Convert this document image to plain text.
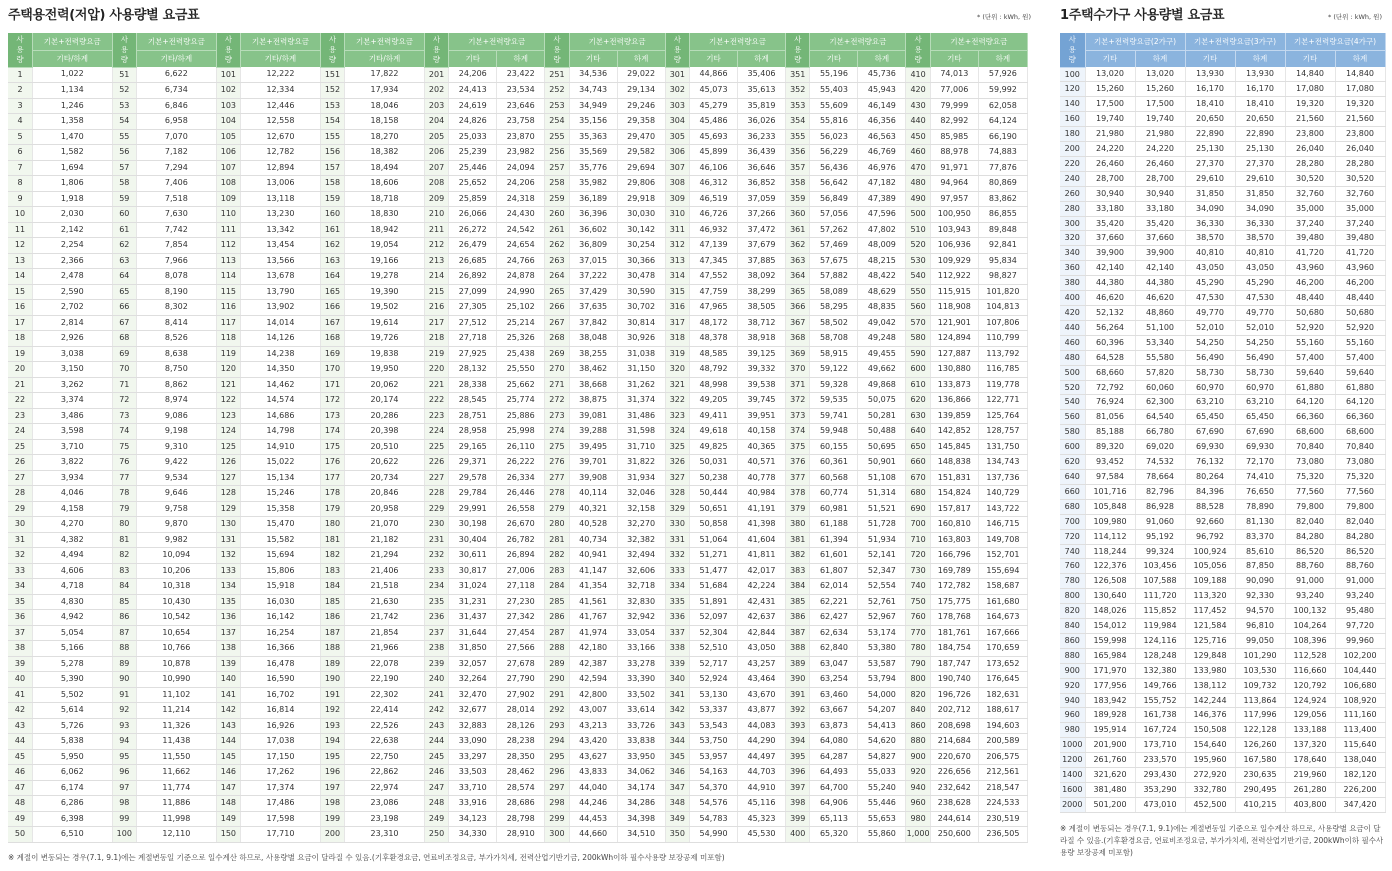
주택용전력(저압) 사용량별 요금표	* (단위 : kWh, 원)
사
용
량	기본+전력량요금	사
용
량	기본+전력량요금	사
용
량	기본+전력량요금	사
용
량	기본+전력량요금	사
용
량	기본+전력량요금		사
용
량	기본+전력량요금		사
용
량	기본+전력량요금		사
용
량	기본+전력량요금		사
용
량	기본+전력량요금	
	기타/하계		기타/하계		기타/하계		기타/하계		기타	하계		기타	하계		기타	하계		기타	하계		기타	하계
1	1,022	51	6,622	101	12,222	151	17,822	201	24,206	23,422	251	34,536	29,022	301	44,866	35,406	351	55,196	45,736	410	74,013	57,926
2	1,134	52	6,734	102	12,334	152	17,934	202	24,413	23,534	252	34,743	29,134	302	45,073	35,613	352	55,403	45,943	420	77,006	59,992
3	1,246	53	6,846	103	12,446	153	18,046	203	24,619	23,646	253	34,949	29,246	303	45,279	35,819	353	55,609	46,149	430	79,999	62,058
4	1,358	54	6,958	104	12,558	154	18,158	204	24,826	23,758	254	35,156	29,358	304	45,486	36,026	354	55,816	46,356	440	82,992	64,124
5	1,470	55	7,070	105	12,670	155	18,270	205	25,033	23,870	255	35,363	29,470	305	45,693	36,233	355	56,023	46,563	450	85,985	66,190
6	1,582	56	7,182	106	12,782	156	18,382	206	25,239	23,982	256	35,569	29,582	306	45,899	36,439	356	56,229	46,769	460	88,978	74,883
7	1,694	57	7,294	107	12,894	157	18,494	207	25,446	24,094	257	35,776	29,694	307	46,106	36,646	357	56,436	46,976	470	91,971	77,876
8	1,806	58	7,406	108	13,006	158	18,606	208	25,652	24,206	258	35,982	29,806	308	46,312	36,852	358	56,642	47,182	480	94,964	80,869
9	1,918	59	7,518	109	13,118	159	18,718	209	25,859	24,318	259	36,189	29,918	309	46,519	37,059	359	56,849	47,389	490	97,957	83,862
10	2,030	60	7,630	110	13,230	160	18,830	210	26,066	24,430	260	36,396	30,030	310	46,726	37,266	360	57,056	47,596	500	100,950	86,855
11	2,142	61	7,742	111	13,342	161	18,942	211	26,272	24,542	261	36,602	30,142	311	46,932	37,472	361	57,262	47,802	510	103,943	89,848
12	2,254	62	7,854	112	13,454	162	19,054	212	26,479	24,654	262	36,809	30,254	312	47,139	37,679	362	57,469	48,009	520	106,936	92,841
13	2,366	63	7,966	113	13,566	163	19,166	213	26,685	24,766	263	37,015	30,366	313	47,345	37,885	363	57,675	48,215	530	109,929	95,834
14	2,478	64	8,078	114	13,678	164	19,278	214	26,892	24,878	264	37,222	30,478	314	47,552	38,092	364	57,882	48,422	540	112,922	98,827
15	2,590	65	8,190	115	13,790	165	19,390	215	27,099	24,990	265	37,429	30,590	315	47,759	38,299	365	58,089	48,629	550	115,915	101,820
16	2,702	66	8,302	116	13,902	166	19,502	216	27,305	25,102	266	37,635	30,702	316	47,965	38,505	366	58,295	48,835	560	118,908	104,813
17	2,814	67	8,414	117	14,014	167	19,614	217	27,512	25,214	267	37,842	30,814	317	48,172	38,712	367	58,502	49,042	570	121,901	107,806
18	2,926	68	8,526	118	14,126	168	19,726	218	27,718	25,326	268	38,048	30,926	318	48,378	38,918	368	58,708	49,248	580	124,894	110,799
19	3,038	69	8,638	119	14,238	169	19,838	219	27,925	25,438	269	38,255	31,038	319	48,585	39,125	369	58,915	49,455	590	127,887	113,792
20	3,150	70	8,750	120	14,350	170	19,950	220	28,132	25,550	270	38,462	31,150	320	48,792	39,332	370	59,122	49,662	600	130,880	116,785
21	3,262	71	8,862	121	14,462	171	20,062	221	28,338	25,662	271	38,668	31,262	321	48,998	39,538	371	59,328	49,868	610	133,873	119,778
22	3,374	72	8,974	122	14,574	172	20,174	222	28,545	25,774	272	38,875	31,374	322	49,205	39,745	372	59,535	50,075	620	136,866	122,771
23	3,486	73	9,086	123	14,686	173	20,286	223	28,751	25,886	273	39,081	31,486	323	49,411	39,951	373	59,741	50,281	630	139,859	125,764
24	3,598	74	9,198	124	14,798	174	20,398	224	28,958	25,998	274	39,288	31,598	324	49,618	40,158	374	59,948	50,488	640	142,852	128,757
25	3,710	75	9,310	125	14,910	175	20,510	225	29,165	26,110	275	39,495	31,710	325	49,825	40,365	375	60,155	50,695	650	145,845	131,750
26	3,822	76	9,422	126	15,022	176	20,622	226	29,371	26,222	276	39,701	31,822	326	50,031	40,571	376	60,361	50,901	660	148,838	134,743
27	3,934	77	9,534	127	15,134	177	20,734	227	29,578	26,334	277	39,908	31,934	327	50,238	40,778	377	60,568	51,108	670	151,831	137,736
28	4,046	78	9,646	128	15,246	178	20,846	228	29,784	26,446	278	40,114	32,046	328	50,444	40,984	378	60,774	51,314	680	154,824	140,729
29	4,158	79	9,758	129	15,358	179	20,958	229	29,991	26,558	279	40,321	32,158	329	50,651	41,191	379	60,981	51,521	690	157,817	143,722
30	4,270	80	9,870	130	15,470	180	21,070	230	30,198	26,670	280	40,528	32,270	330	50,858	41,398	380	61,188	51,728	700	160,810	146,715
31	4,382	81	9,982	131	15,582	181	21,182	231	30,404	26,782	281	40,734	32,382	331	51,064	41,604	381	61,394	51,934	710	163,803	149,708
32	4,494	82	10,094	132	15,694	182	21,294	232	30,611	26,894	282	40,941	32,494	332	51,271	41,811	382	61,601	52,141	720	166,796	152,701
33	4,606	83	10,206	133	15,806	183	21,406	233	30,817	27,006	283	41,147	32,606	333	51,477	42,017	383	61,807	52,347	730	169,789	155,694
34	4,718	84	10,318	134	15,918	184	21,518	234	31,024	27,118	284	41,354	32,718	334	51,684	42,224	384	62,014	52,554	740	172,782	158,687
35	4,830	85	10,430	135	16,030	185	21,630	235	31,231	27,230	285	41,561	32,830	335	51,891	42,431	385	62,221	52,761	750	175,775	161,680
36	4,942	86	10,542	136	16,142	186	21,742	236	31,437	27,342	286	41,767	32,942	336	52,097	42,637	386	62,427	52,967	760	178,768	164,673
37	5,054	87	10,654	137	16,254	187	21,854	237	31,644	27,454	287	41,974	33,054	337	52,304	42,844	387	62,634	53,174	770	181,761	167,666
38	5,166	88	10,766	138	16,366	188	21,966	238	31,850	27,566	288	42,180	33,166	338	52,510	43,050	388	62,840	53,380	780	184,754	170,659
39	5,278	89	10,878	139	16,478	189	22,078	239	32,057	27,678	289	42,387	33,278	339	52,717	43,257	389	63,047	53,587	790	187,747	173,652
40	5,390	90	10,990	140	16,590	190	22,190	240	32,264	27,790	290	42,594	33,390	340	52,924	43,464	390	63,254	53,794	800	190,740	176,645
41	5,502	91	11,102	141	16,702	191	22,302	241	32,470	27,902	291	42,800	33,502	341	53,130	43,670	391	63,460	54,000	820	196,726	182,631
42	5,614	92	11,214	142	16,814	192	22,414	242	32,677	28,014	292	43,007	33,614	342	53,337	43,877	392	63,667	54,207	840	202,712	188,617
43	5,726	93	11,326	143	16,926	193	22,526	243	32,883	28,126	293	43,213	33,726	343	53,543	44,083	393	63,873	54,413	860	208,698	194,603
44	5,838	94	11,438	144	17,038	194	22,638	244	33,090	28,238	294	43,420	33,838	344	53,750	44,290	394	64,080	54,620	880	214,684	200,589
45	5,950	95	11,550	145	17,150	195	22,750	245	33,297	28,350	295	43,627	33,950	345	53,957	44,497	395	64,287	54,827	900	220,670	206,575
46	6,062	96	11,662	146	17,262	196	22,862	246	33,503	28,462	296	43,833	34,062	346	54,163	44,703	396	64,493	55,033	920	226,656	212,561
47	6,174	97	11,774	147	17,374	197	22,974	247	33,710	28,574	297	44,040	34,174	347	54,370	44,910	397	64,700	55,240	940	232,642	218,547
48	6,286	98	11,886	148	17,486	198	23,086	248	33,916	28,686	298	44,246	34,286	348	54,576	45,116	398	64,906	55,446	960	238,628	224,533
49	6,398	99	11,998	149	17,598	199	23,198	249	34,123	28,798	299	44,453	34,398	349	54,783	45,323	399	65,113	55,653	980	244,614	230,519
50	6,510	100	12,110	150	17,710	200	23,310	250	34,330	28,910	300	44,660	34,510	350	54,990	45,530	400	65,320	55,860	1,000	250,600	236,505
※ 계절이 변동되는 경우(7.1, 9.1)에는 계절변동일 기준으로 일수계산 하므로, 사용량별 요금이 달라질 수 있음.(기후환경요금, 연료비조정요금, 부가가치세, 전력산업기반기금, 200kWh이하 필수사용량 보장공제 미포함)
1주택수가구 사용량별 요금표	* (단위 : kWh, 원)
사
용
량	기본+전력량요금(2가구)		기본+전력량요금(3가구)		기본+전력량요금(4가구)	
	기타	하계	기타	하계	기타	하계
100	13,020	13,020	13,930	13,930	14,840	14,840
120	15,260	15,260	16,170	16,170	17,080	17,080
140	17,500	17,500	18,410	18,410	19,320	19,320
160	19,740	19,740	20,650	20,650	21,560	21,560
180	21,980	21,980	22,890	22,890	23,800	23,800
200	24,220	24,220	25,130	25,130	26,040	26,040
220	26,460	26,460	27,370	27,370	28,280	28,280
240	28,700	28,700	29,610	29,610	30,520	30,520
260	30,940	30,940	31,850	31,850	32,760	32,760
280	33,180	33,180	34,090	34,090	35,000	35,000
300	35,420	35,420	36,330	36,330	37,240	37,240
320	37,660	37,660	38,570	38,570	39,480	39,480
340	39,900	39,900	40,810	40,810	41,720	41,720
360	42,140	42,140	43,050	43,050	43,960	43,960
380	44,380	44,380	45,290	45,290	46,200	46,200
400	46,620	46,620	47,530	47,530	48,440	48,440
420	52,132	48,860	49,770	49,770	50,680	50,680
440	56,264	51,100	52,010	52,010	52,920	52,920
460	60,396	53,340	54,250	54,250	55,160	55,160
480	64,528	55,580	56,490	56,490	57,400	57,400
500	68,660	57,820	58,730	58,730	59,640	59,640
520	72,792	60,060	60,970	60,970	61,880	61,880
540	76,924	62,300	63,210	63,210	64,120	64,120
560	81,056	64,540	65,450	65,450	66,360	66,360
580	85,188	66,780	67,690	67,690	68,600	68,600
600	89,320	69,020	69,930	69,930	70,840	70,840
620	93,452	74,532	76,132	72,170	73,080	73,080
640	97,584	78,664	80,264	74,410	75,320	75,320
660	101,716	82,796	84,396	76,650	77,560	77,560
680	105,848	86,928	88,528	78,890	79,800	79,800
700	109,980	91,060	92,660	81,130	82,040	82,040
720	114,112	95,192	96,792	83,370	84,280	84,280
740	118,244	99,324	100,924	85,610	86,520	86,520
760	122,376	103,456	105,056	87,850	88,760	88,760
780	126,508	107,588	109,188	90,090	91,000	91,000
800	130,640	111,720	113,320	92,330	93,240	93,240
820	148,026	115,852	117,452	94,570	100,132	95,480
840	154,012	119,984	121,584	96,810	104,264	97,720
860	159,998	124,116	125,716	99,050	108,396	99,960
880	165,984	128,248	129,848	101,290	112,528	102,200
900	171,970	132,380	133,980	103,530	116,660	104,440
920	177,956	149,766	138,112	109,732	120,792	106,680
940	183,942	155,752	142,244	113,864	124,924	108,920
960	189,928	161,738	146,376	117,996	129,056	111,160
980	195,914	167,724	150,508	122,128	133,188	113,400
1000	201,900	173,710	154,640	126,260	137,320	115,640
1200	261,760	233,570	195,960	167,580	178,640	138,040
1400	321,620	293,430	272,920	230,635	219,960	182,120
1600	381,480	353,290	332,780	290,495	261,280	226,200
2000	501,200	473,010	452,500	410,215	403,800	347,420
※ 계절이 변동되는 경우(7.1, 9.1)에는 계절변동일 기준으로 일수계산 하므로, 사용량별 요금이 달라질 수 있음.(기후환경요금, 연료비조정요금, 부가가치세, 전력산업기반기금, 200kWh이하 필수사용량 보장공제 미포함)
